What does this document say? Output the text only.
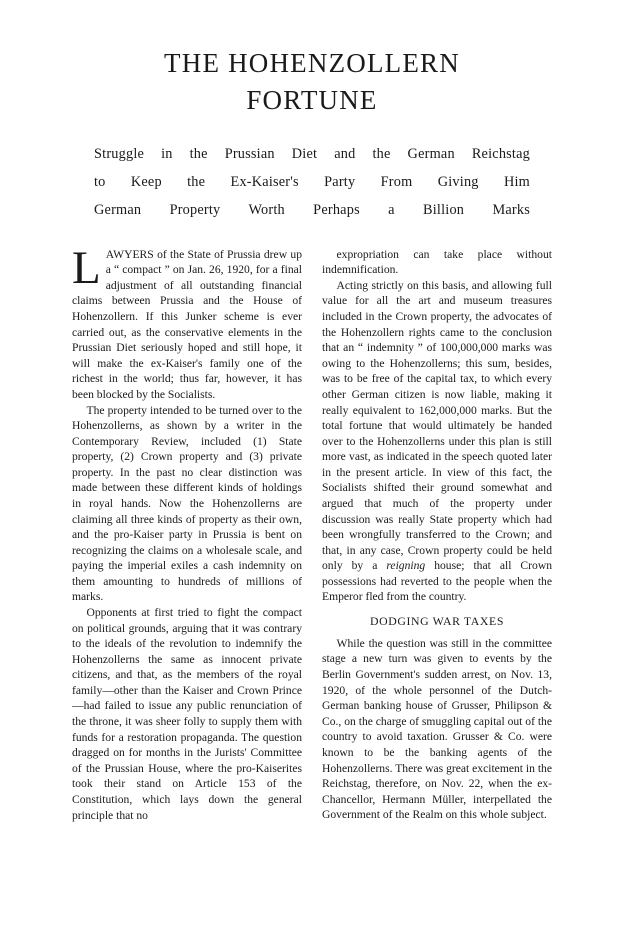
THE HOHENZOLLERN
FORTUNE
Struggle in the Prussian Diet and the German Reichstag
to Keep the Ex-Kaiser's Party From Giving Him
German Property Worth Perhaps a Billion Marks

LAWYERS of the State of Prussia drew up a “ compact ” on Jan. 26, 1920, for a final adjustment of all outstanding financial claims between Prussia and the House of Hohenzollern. If this Junker scheme is ever carried out, as the conservative elements in the Prussian Diet seriously hoped and still hope, it will make the ex-Kaiser's family one of the richest in the world; thus far, however, it has been blocked by the Socialists.

The property intended to be turned over to the Hohenzollerns, as shown by a writer in the Contemporary Review, included (1) State property, (2) Crown property and (3) private property. In the past no clear distinction was made between these different kinds of holdings in royal hands. Now the Hohenzollerns are claiming all three kinds of property as their own, and the pro-Kaiser party in Prussia is bent on recognizing the claims on a wholesale scale, and paying the imperial exiles a cash indemnity on them amounting to hundreds of millions of marks.

Opponents at first tried to fight the compact on political grounds, arguing that it was contrary to the ideals of the revolution to indemnify the Hohenzollerns the same as innocent private citizens, and that, as the members of the royal family—other than the Kaiser and Crown Prince—had failed to issue any public renunciation of the throne, it was sheer folly to supply them with funds for a restoration propaganda. The question dragged on for months in the Jurists' Committee of the Prussian House, where the pro-Kaiserites took their stand on Article 153 of the Constitution, which lays down the general principle that no

expropriation can take place without indemnification.

Acting strictly on this basis, and allowing full value for all the art and museum treasures included in the Crown property, the advocates of the Hohenzollern rights came to the conclusion that an “ indemnity ” of 100,000,000 marks was owing to the Hohenzollerns; this sum, besides, was to be free of the capital tax, to which every other German citizen is now liable, making it really equivalent to 162,000,000 marks. But the total fortune that would ultimately be handed over to the Hohenzollerns under this plan is still more vast, as indicated in the speech quoted later in the present article. In view of this fact, the Socialists shifted their ground somewhat and argued that much of the property under discussion was really State property which had been wrongfully transferred to the Crown; and that, in any case, Crown property could be held only by a reigning house; that all Crown possessions had reverted to the people when the Emperor fled from the country.

DODGING WAR TAXES

While the question was still in the committee stage a new turn was given to events by the Berlin Government's sudden arrest, on Nov. 13, 1920, of the whole personnel of the Dutch-German banking house of Grusser, Philipson & Co., on the charge of smuggling capital out of the country to avoid taxation. Grusser & Co. were known to be the banking agents of the Hohenzollerns. There was great excitement in the Reichstag, therefore, on Nov. 22, when the ex-Chancellor, Hermann Müller, interpellated the Government of the Realm on this whole subject.
